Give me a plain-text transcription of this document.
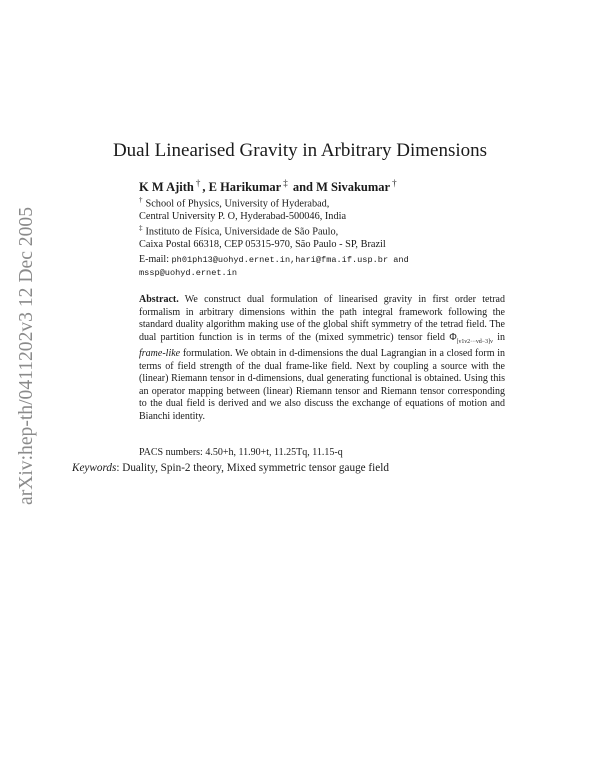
arXiv:hep-th/0411202v3 12 Dec 2005
Dual Linearised Gravity in Arbitrary Dimensions
K M Ajith † , E Harikumar ‡ and M Sivakumar †
† School of Physics, University of Hyderabad,
Central University P. O, Hyderabad-500046, India
‡ Instituto de Física, Universidade de São Paulo,
Caixa Postal 66318, CEP 05315-970, São Paulo - SP, Brazil
E-mail: ph01ph13@uohyd.ernet.in,hari@fma.if.usp.br and
mssp@uohyd.ernet.in

Abstract. We construct dual formulation of linearised gravity in first order tetrad formalism in arbitrary dimensions within the path integral framework following the standard duality algorithm making use of the global shift symmetry of the tetrad field. The dual partition function is in terms of the (mixed symmetric) tensor field $\Phi_{[\nu 1\nu 2\cdot\cdot\cdot\nu d-3]\nu}$ in frame-like formulation. We obtain in d-dimensions the dual Lagrangian in a closed form in terms of field strength of the dual frame-like field. Next by coupling a source with the (linear) Riemann tensor in d-dimensions, dual generating functional is obtained. Using this an operator mapping between (linear) Riemann tensor and Riemann tensor corresponding to the dual field is derived and we also discuss the exchange of equations of motion and Bianchi identity.

PACS numbers: 4.50+h, 11.90+t, 11.25Tq, 11.15-q
Keywords: Duality, Spin-2 theory, Mixed symmetric tensor gauge field
